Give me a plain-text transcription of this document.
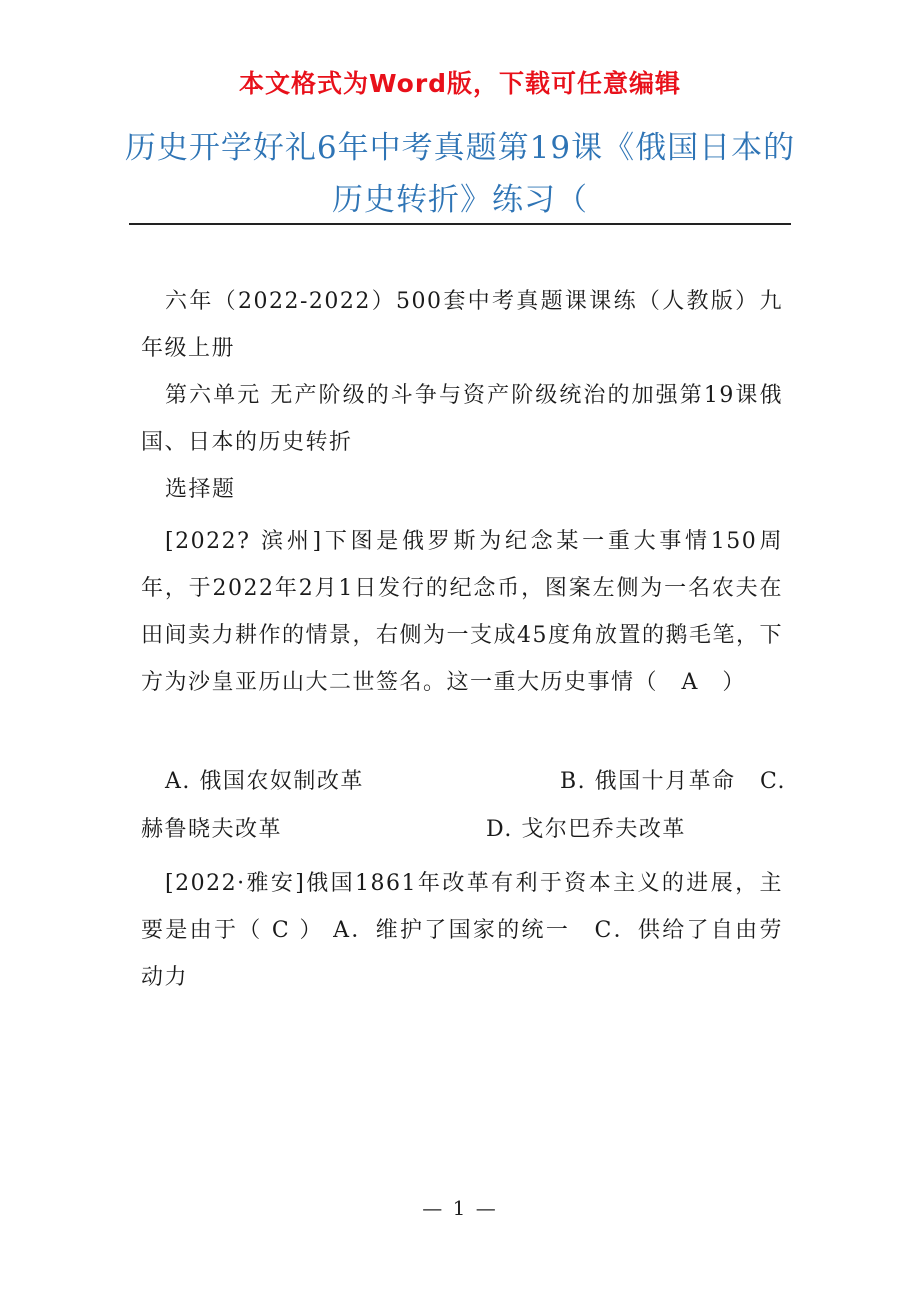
本文格式为Word版，下载可任意编辑
历史开学好礼6年中考真题第19课《俄国日本的历史转折》练习（
六年（2022-2022）500套中考真题课课练（人教版）九年级上册
第六单元 无产阶级的斗争与资产阶级统治的加强第19课俄国、日本的历史转折
选择题
[2022? 滨州]下图是俄罗斯为纪念某一重大事情150周年，于2022年2月1日发行的纪念币，图案左侧为一名农夫在田间卖力耕作的情景，右侧为一支成45度角放置的鹅毛笔，下方为沙皇亚历山大二世签名。这一重大历史事情（　A　）
A. 俄国农奴制改革	B. 俄国十月革命 C.
赫鲁晓夫改革	D. 戈尔巴乔夫改革
[2022·雅安]俄国1861年改革有利于资本主义的进展，主要是由于（ C ） A．维护了国家的统一　C．供给了自由劳动力
— 1 —
